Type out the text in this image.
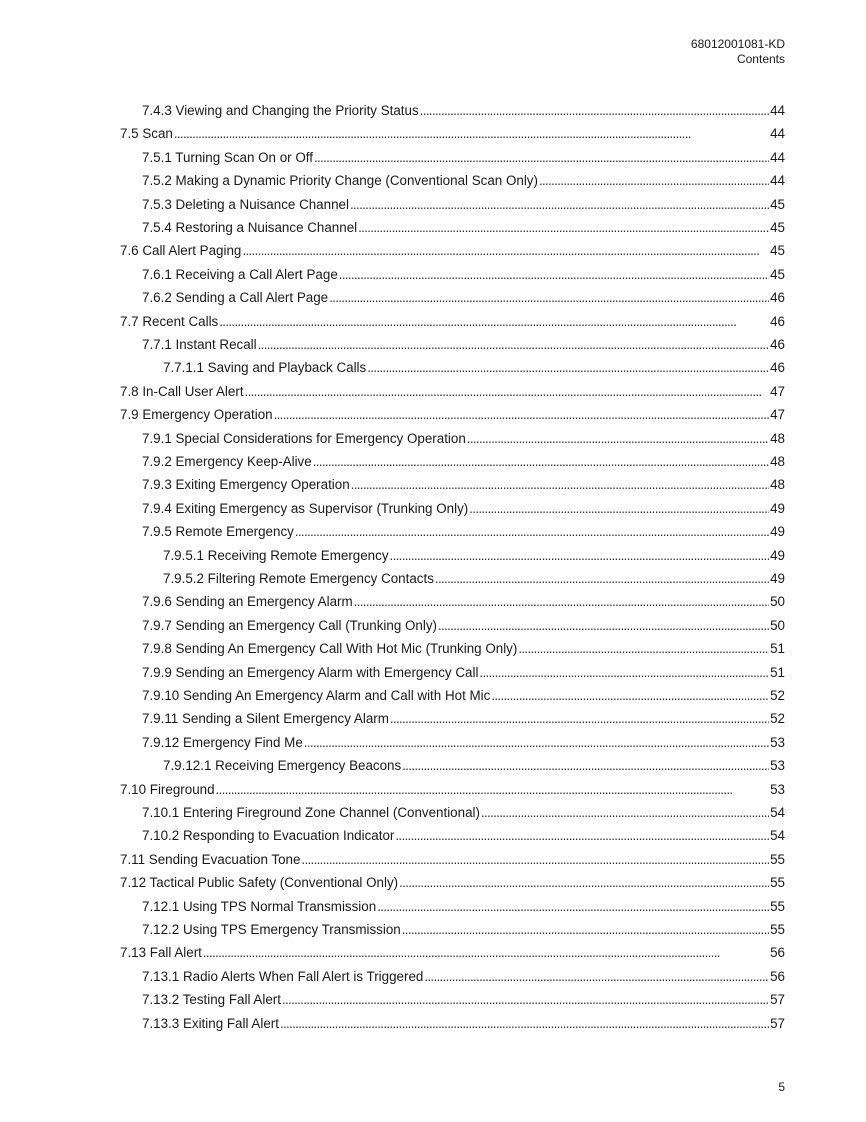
68012001081-KD
Contents
7.4.3 Viewing and Changing the Priority Status . . .	44
7.5 Scan . . .	44
7.5.1 Turning Scan On or Off . . .	44
7.5.2 Making a Dynamic Priority Change (Conventional Scan Only) . . .	44
7.5.3 Deleting a Nuisance Channel . . .	45
7.5.4 Restoring a Nuisance Channel . . .	45
7.6 Call Alert Paging . . .	45
7.6.1 Receiving a Call Alert Page . . .	45
7.6.2 Sending a Call Alert Page . . .	46
7.7 Recent Calls . . .	46
7.7.1 Instant Recall . . .	46
7.7.1.1 Saving and Playback Calls . . .	46
7.8 In-Call User Alert . . .	47
7.9 Emergency Operation . . .	47
7.9.1 Special Considerations for Emergency Operation . . .	48
7.9.2 Emergency Keep-Alive . . .	48
7.9.3 Exiting Emergency Operation . . .	48
7.9.4 Exiting Emergency as Supervisor (Trunking Only) . . .	49
7.9.5 Remote Emergency . . .	49
7.9.5.1 Receiving Remote Emergency . . .	49
7.9.5.2 Filtering Remote Emergency Contacts . . .	49
7.9.6 Sending an Emergency Alarm . . .	50
7.9.7 Sending an Emergency Call (Trunking Only) . . .	50
7.9.8 Sending An Emergency Call With Hot Mic (Trunking Only) . . .	51
7.9.9 Sending an Emergency Alarm with Emergency Call . . .	51
7.9.10 Sending An Emergency Alarm and Call with Hot Mic . . .	52
7.9.11 Sending a Silent Emergency Alarm . . .	52
7.9.12 Emergency Find Me . . .	53
7.9.12.1 Receiving Emergency Beacons . . .	53
7.10 Fireground . . .	53
7.10.1 Entering Fireground Zone Channel (Conventional) . . .	54
7.10.2 Responding to Evacuation Indicator . . .	54
7.11 Sending Evacuation Tone . . .	55
7.12 Tactical Public Safety (Conventional Only) . . .	55
7.12.1 Using TPS Normal Transmission . . .	55
7.12.2 Using TPS Emergency Transmission . . .	55
7.13 Fall Alert . . .	56
7.13.1 Radio Alerts When Fall Alert is Triggered . . .	56
7.13.2 Testing Fall Alert . . .	57
7.13.3 Exiting Fall Alert . . .	57
5
